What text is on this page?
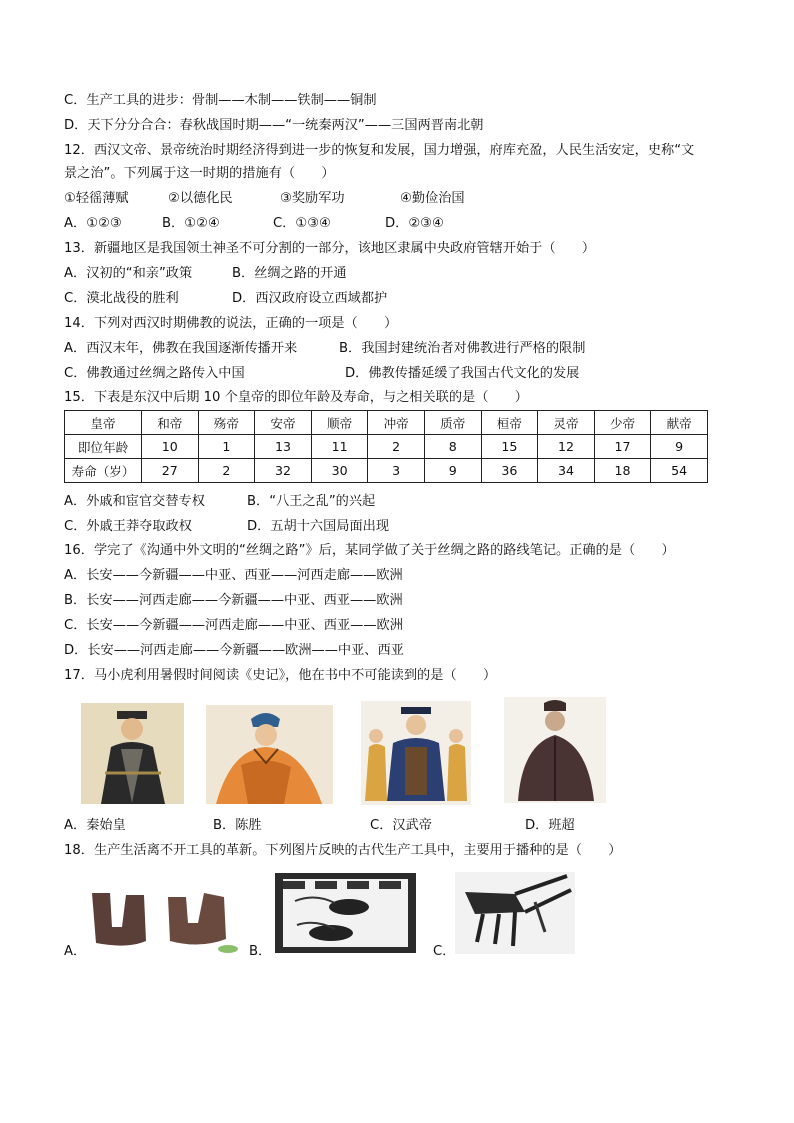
C．生产工具的进步：骨制——木制——铁制——铜制
D．天下分分合合：春秋战国时期——“一统秦两汉”——三国两晋南北朝
12．西汉文帝、景帝统治时期经济得到进一步的恢复和发展，国力增强，府库充盈，人民生活安定，史称“文
景之治”。下列属于这一时期的措施有（　　）
①轻徭薄赋	②以德化民	③奖励军功	④勤俭治国
A．①②③	B．①②④	C．①③④	D．②③④
13．新疆地区是我国领土神圣不可分割的一部分，该地区隶属中央政府管辖开始于（　　）
A．汉初的“和亲”政策	B．丝绸之路的开通
C．漠北战役的胜利	D．西汉政府设立西域都护
14．下列对西汉时期佛教的说法，正确的一项是（　　）
A．西汉末年，佛教在我国逐渐传播开来	B．我国封建统治者对佛教进行严格的限制
C．佛教通过丝绸之路传入中国	D．佛教传播延缓了我国古代文化的发展
15．下表是东汉中后期 10 个皇帝的即位年龄及寿命，与之相关联的是（　　）
皇帝	和帝	殇帝	安帝	顺帝	冲帝	质帝	桓帝	灵帝	少帝	献帝
即位年龄	10	1	13	11	2	8	15	12	17	9
寿命（岁）	27	2	32	30	3	9	36	34	18	54
A．外戚和宦官交替专权	B．“八王之乱”的兴起
C．外戚王莽夺取政权	D．五胡十六国局面出现
16．学完了《沟通中外文明的“丝绸之路”》后，某同学做了关于丝绸之路的路线笔记。正确的是（　　）
A．长安——今新疆——中亚、西亚——河西走廊——欧洲
B．长安——河西走廊——今新疆——中亚、西亚——欧洲
C．长安——今新疆——河西走廊——中亚、西亚——欧洲
D．长安——河西走廊——今新疆——欧洲——中亚、西亚
17．马小虎利用暑假时间阅读《史记》，他在书中不可能读到的是（　　）
A．秦始皇	B．陈胜	C．汉武帝	D．班超
18．生产生活离不开工具的革新。下列图片反映的古代生产工具中，主要用于播种的是（　　）
A．	B．	C．
